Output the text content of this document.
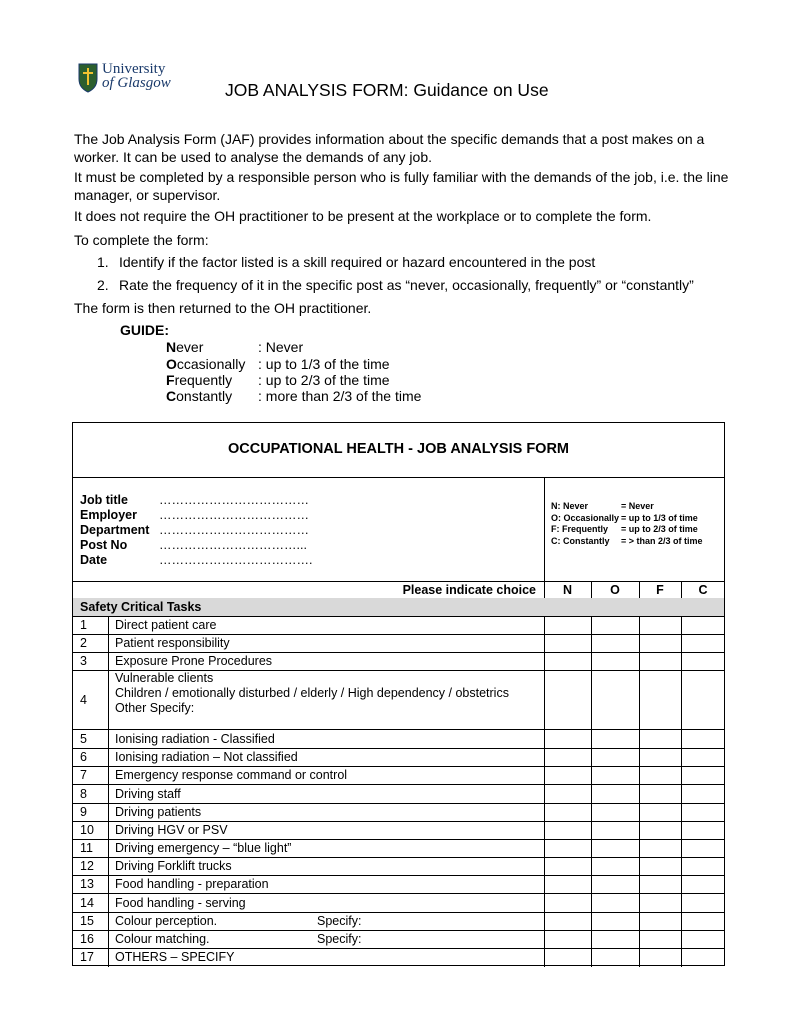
University
of Glasgow	JOB ANALYSIS FORM: Guidance on Use
The Job Analysis Form (JAF) provides information about the specific demands that a post makes on a worker. It can be used to analyse the demands of any job.
It must be completed by a responsible person who is fully familiar with the demands of the job, i.e. the line manager, or supervisor.
It does not require the OH practitioner to be present at the workplace or to complete the form.
To complete the form:
1. Identify if the factor listed is a skill required or hazard encountered in the post
2. Rate the frequency of it in the specific post as “never, occasionally, frequently” or “constantly”
The form is then returned to the OH practitioner.
GUIDE:
Never	: Never
Occasionally : up to 1/3 of the time
Frequently : up to 2/3 of the time
Constantly : more than 2/3 of the time
OCCUPATIONAL HEALTH - JOB ANALYSIS FORM
Job title ………………………………
Employer ………………………………
Department ………………………………
Post No	……………………………...
Date	……………………………….
N: Never	= Never
O: Occasionally = up to 1/3 of time
F: Frequently = up to 2/3 of time
C: Constantly = > than 2/3 of time
Please indicate choice	N	O	F	C
Safety Critical Tasks
1 Direct patient care
2 Patient responsibility
3 Exposure Prone Procedures
4
Vulnerable clients
Children / emotionally disturbed / elderly / High dependency / obstetrics
Other Specify:
5 Ionising radiation - Classified
6 Ionising radiation – Not classified
7 Emergency response command or control
8 Driving staff
9 Driving patients
10 Driving HGV or PSV
11 Driving emergency – “blue light”
12 Driving Forklift trucks
13 Food handling - preparation
14 Food handling - serving
15 Colour perception.	Specify:
16 Colour matching.	Specify:
17 OTHERS – SPECIFY
